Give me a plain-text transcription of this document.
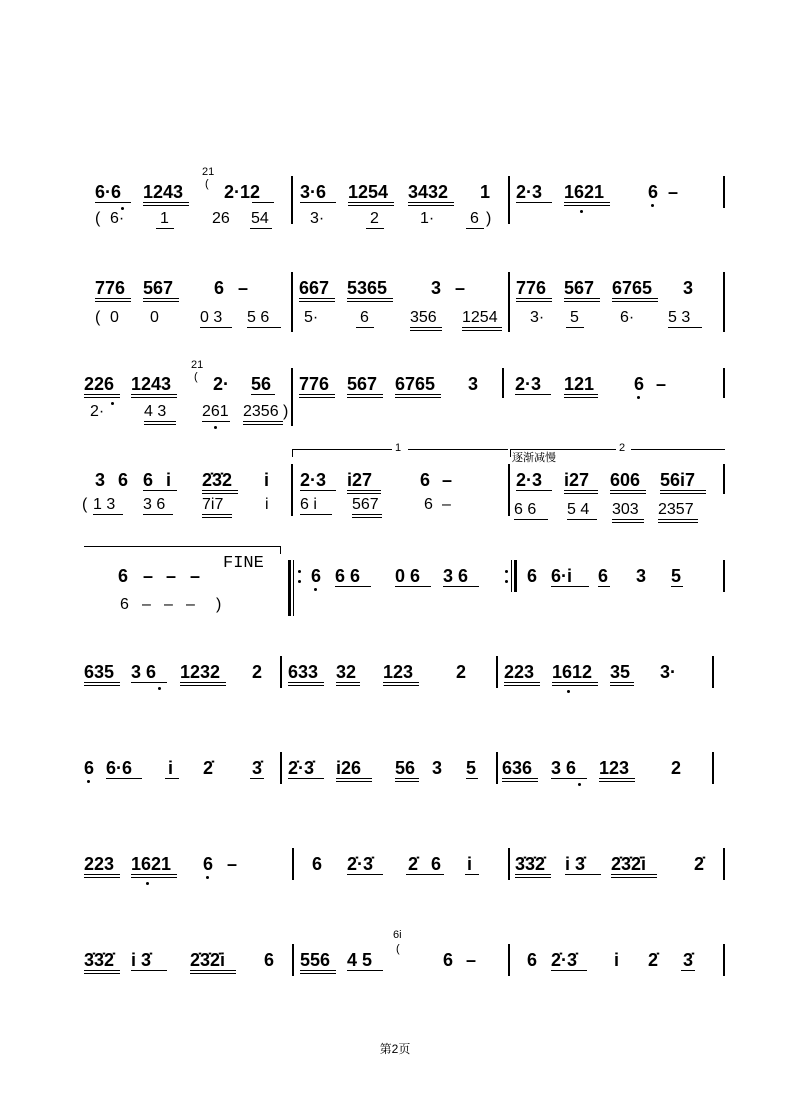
6·6 1243
21
( 2·12 3·6 1254 3432 1 2·3 1621 6 –
( 6· 1	26 54	3·	2	1· 6 )
776 567 6 –	667 5365 3 –	776 567 6765 3
( 0 0	0 3 5 6 5·	6	356 1254 3· 5	6· 5 3
226 1243
21
( 2· 56 776 567 6765 3 2·3 121 6 –
2· 4 3 261 2356 )
1	2
逐渐减慢
3 6 6 i 2̇3̇2 i 2·3 i27	6 –	2·3 i27 606 56i7
( 1 3 3 6 7i7	i 6 i 567	6 –	6 6 5 4 303 2357
FINE
6 – – –	6 6 6 0 6 3 6	6 6·i 6 3 5
6 – – – )
635 3 6 1232 2 633 32 123 2 223 1612 35 3·
6 6·6 i 2̇ 3̇ 2̇·3̇ i26 56 3 5 636 3 6 123 2
223 1621 6 –	6 2̇·3̇ 2̇ 6 i 3̇3̇2̇ i 3̇ 2̇3̇2̇i	2̇
3̇3̇2̇ i 3̇ 2̇3̇2̇i 6 556 4 5
6i
(
6 –	6 2̇·3̇ i 2̇ 3̇
第2页
